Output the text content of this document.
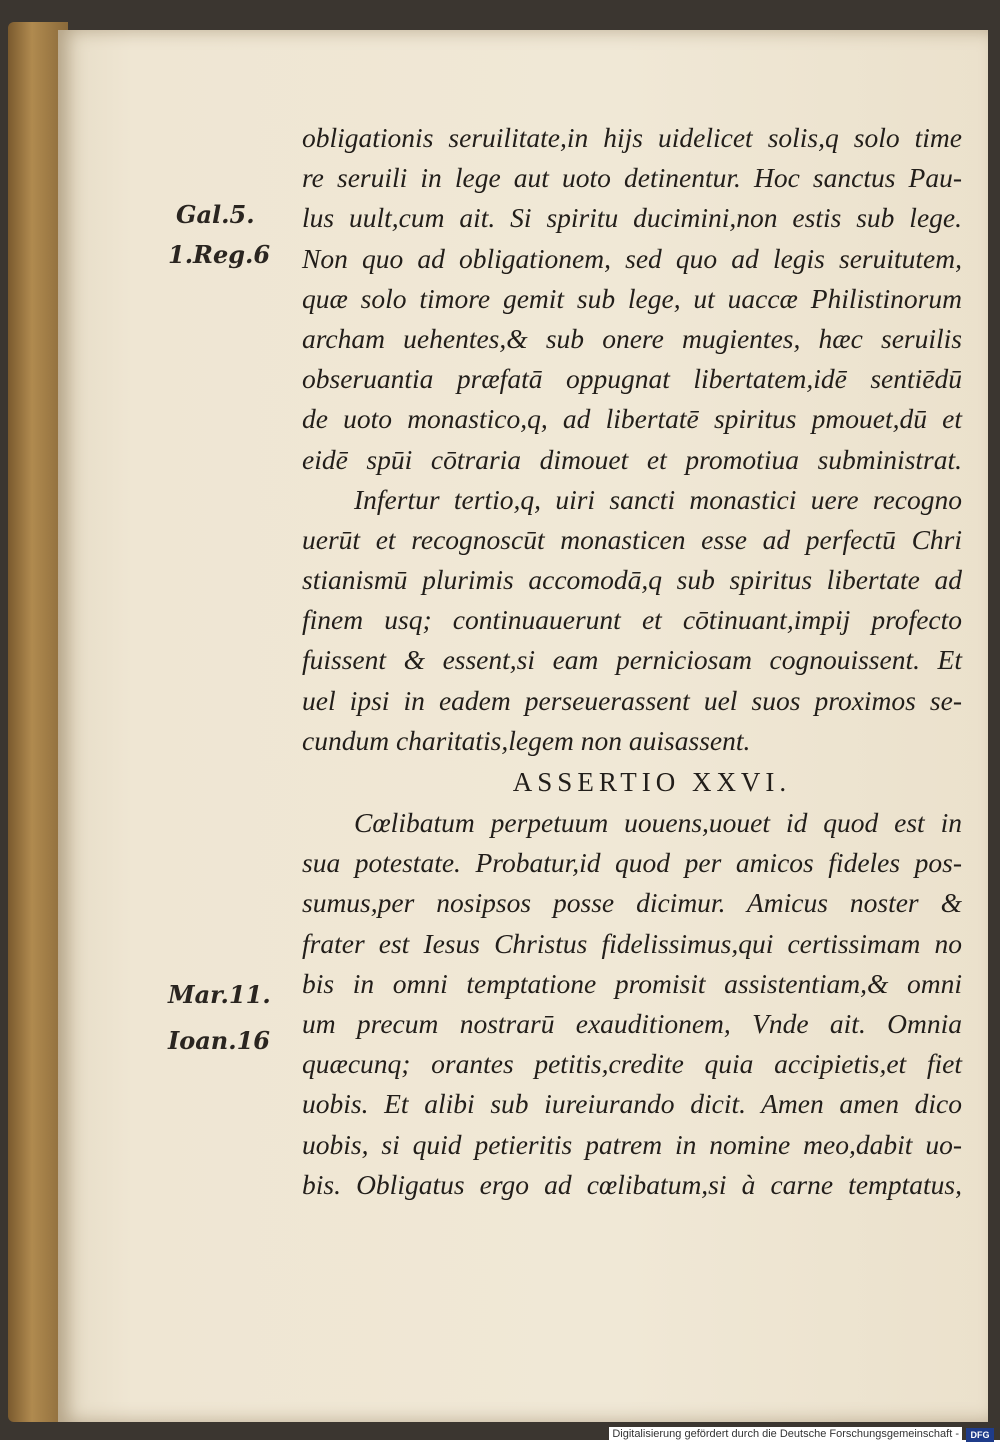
Gal.5.
1.Reg.6
Mar.11.
Ioan.16
obligationis seruilitate,in hijs uidelicet solis,q solo time
re seruili in lege aut uoto detinentur. Hoc sanctus Pau-
lus uult,cum ait. Si spiritu ducimini,non estis sub lege.
Non quo ad obligationem, sed quo ad legis seruitutem,
quæ solo timore gemit sub lege, ut uaccæ Philistinorum
archam uehentes,& sub onere mugientes, hæc seruilis
obseruantia præfatā oppugnat libertatem,idē sentiēdū
de uoto monastico,q, ad libertatē spiritus pmouet,dū et
eidē spūi cōtraria dimouet et promotiua subministrat.
Infertur tertio,q, uiri sancti monastici uere recogno
uerūt et recognoscūt monasticen esse ad perfectū Chri
stianismū plurimis accomodā,q sub spiritus libertate ad
finem usq; continuauerunt et cōtinuant,impij profecto
fuissent & essent,si eam perniciosam cognouissent. Et
uel ipsi in eadem perseuerassent uel suos proximos se-
cundum charitatis,legem non auisassent.
ASSERTIO XXVI.
Cœlibatum perpetuum uouens,uouet id quod est in
sua potestate. Probatur,id quod per amicos fideles pos-
sumus,per nosipsos posse dicimur. Amicus noster &
frater est Iesus Christus fidelissimus,qui certissimam no
bis in omni temptatione promisit assistentiam,& omni
um precum nostrarū exauditionem, Vnde ait. Omnia
quæcunq; orantes petitis,credite quia accipietis,et fiet
uobis. Et alibi sub iureiurando dicit. Amen amen dico
uobis, si quid petieritis patrem in nomine meo,dabit uo-
bis. Obligatus ergo ad cœlibatum,si à carne temptatus,
Digitalisierung gefördert durch die Deutsche Forschungsgemeinschaft -	DFG
